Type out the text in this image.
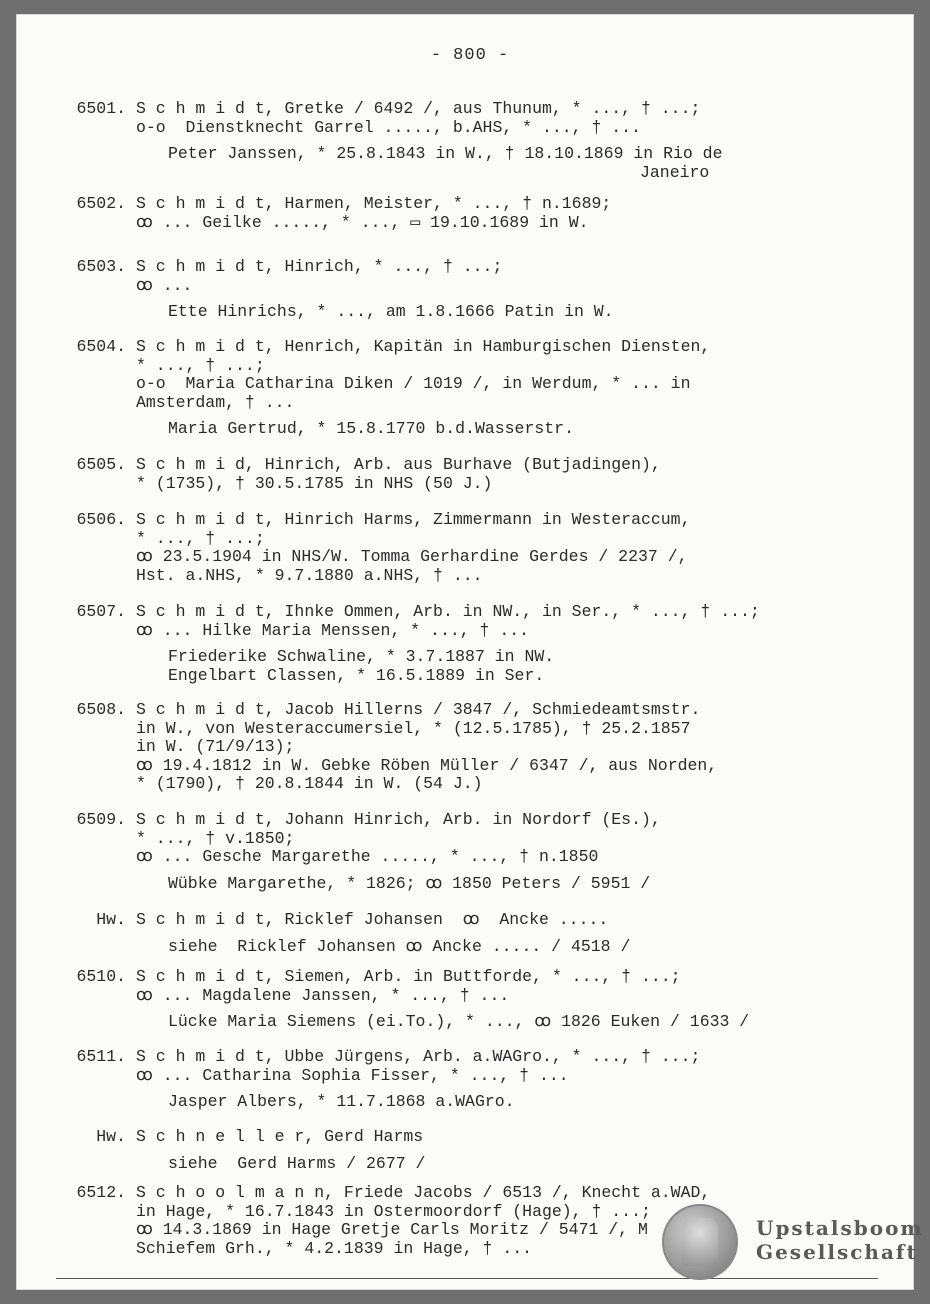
- 800 -
6501. S c h m i d t, Gretke / 6492 /, aus Thunum, * ..., † ...;
o-o  Dienstknecht Garrel ....., b.AHS, * ..., † ...
Peter Janssen, * 25.8.1843 in W., † 18.10.1869 in Rio de
Janeiro
6502. S c h m i d t, Harmen, Meister, * ..., † n.1689;
ꝏ ... Geilke ....., * ..., ▭ 19.10.1689 in W.
6503. S c h m i d t, Hinrich, * ..., † ...;
ꝏ ...
Ette Hinrichs, * ..., am 1.8.1666 Patin in W.
6504. S c h m i d t, Henrich, Kapitän in Hamburgischen Diensten,
* ..., † ...;
o-o  Maria Catharina Diken / 1019 /, in Werdum, * ... in
Amsterdam, † ...
Maria Gertrud, * 15.8.1770 b.d.Wasserstr.
6505. S c h m i d, Hinrich, Arb. aus Burhave (Butjadingen),
* (1735), † 30.5.1785 in NHS (50 J.)
6506. S c h m i d t, Hinrich Harms, Zimmermann in Westeraccum,
* ..., † ...;
ꝏ 23.5.1904 in NHS/W. Tomma Gerhardine Gerdes / 2237 /,
Hst. a.NHS, * 9.7.1880 a.NHS, † ...
6507. S c h m i d t, Ihnke Ommen, Arb. in NW., in Ser., * ..., † ...;
ꝏ ... Hilke Maria Menssen, * ..., † ...
Friederike Schwaline, * 3.7.1887 in NW.
Engelbart Classen, * 16.5.1889 in Ser.
6508. S c h m i d t, Jacob Hillerns / 3847 /, Schmiedeamtsmstr.
in W., von Westeraccumersiel, * (12.5.1785), † 25.2.1857
in W. (71/9/13);
ꝏ 19.4.1812 in W. Gebke Röben Müller / 6347 /, aus Norden,
* (1790), † 20.8.1844 in W. (54 J.)
6509. S c h m i d t, Johann Hinrich, Arb. in Nordorf (Es.),
* ..., † v.1850;
ꝏ ... Gesche Margarethe ....., * ..., † n.1850
Wübke Margarethe, * 1826; ꝏ 1850 Peters / 5951 /
Hw. S c h m i d t, Ricklef Johansen  ꝏ  Ancke .....
siehe  Ricklef Johansen ꝏ Ancke ..... / 4518 /
6510. S c h m i d t, Siemen, Arb. in Buttforde, * ..., † ...;
ꝏ ... Magdalene Janssen, * ..., † ...
Lücke Maria Siemens (ei.To.), * ..., ꝏ 1826 Euken / 1633 /
6511. S c h m i d t, Ubbe Jürgens, Arb. a.WAGro., * ..., † ...;
ꝏ ... Catharina Sophia Fisser, * ..., † ...
Jasper Albers, * 11.7.1868 a.WAGro.
Hw. S c h n e l l e r, Gerd Harms
siehe  Gerd Harms / 2677 /
6512. S c h o o l m a n n, Friede Jacobs / 6513 /, Knecht a.WAD,
in Hage, * 16.7.1843 in Ostermoordorf (Hage), † ...;
ꝏ 14.3.1869 in Hage Gretje Carls Moritz / 5471 /, M
Schiefem Grh., * 4.2.1839 in Hage, † ...
Upstalsboom
Gesellschaft
